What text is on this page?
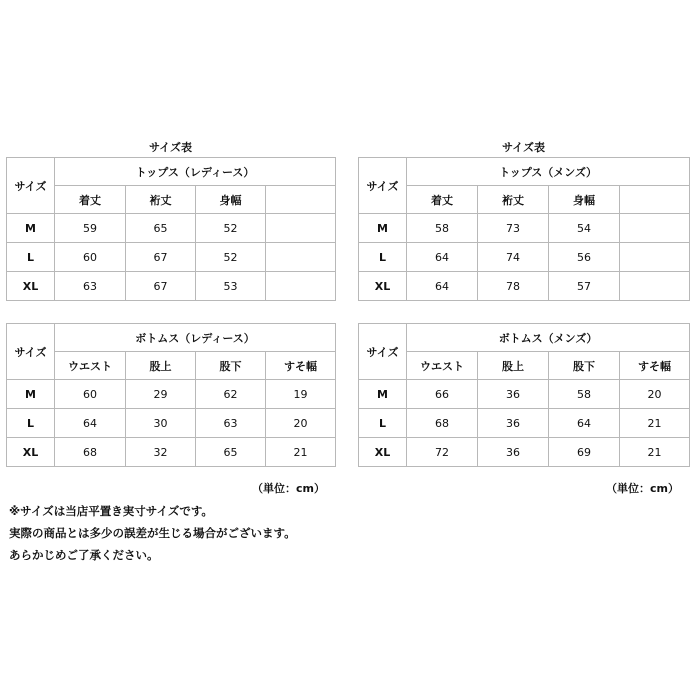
サイズ表	サイズ表
サイズ	トップス（レディース）			
	着丈	裄丈	身幅	
M	59	65	52	
L	60	67	52	
XL	63	67	53	
サイズ	トップス（メンズ）			
	着丈	裄丈	身幅	
M	58	73	54	
L	64	74	56	
XL	64	78	57	
サイズ	ボトムス（レディース）			
	ウエスト	股上	股下	すそ幅
M	60	29	62	19
L	64	30	63	20
XL	68	32	65	21
サイズ	ボトムス（メンズ）			
	ウエスト	股上	股下	すそ幅
M	66	36	58	20
L	68	36	64	21
XL	72	36	69	21
（単位：cm）	（単位：cm）

※サイズは当店平置き実寸サイズです。

実際の商品とは多少の誤差が生じる場合がございます。

あらかじめご了承ください。
